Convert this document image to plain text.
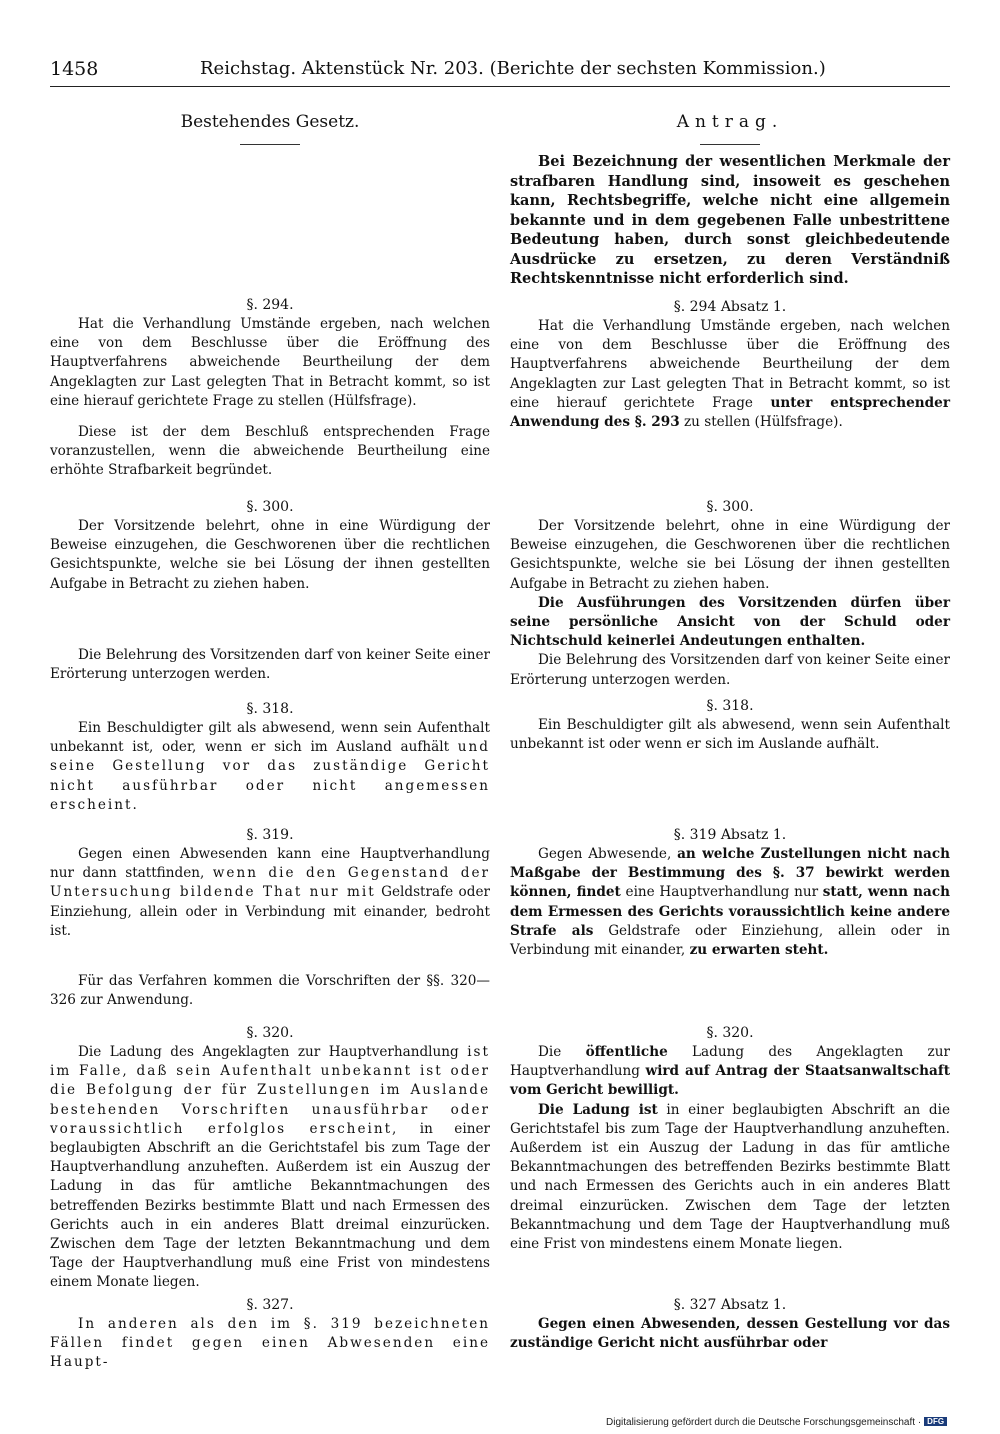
1458	Reichstag. Aktenstück Nr. 203. (Berichte der sechsten Kommission.)
Bestehendes Gesetz.
§. 294.
Hat die Verhandlung Umstände ergeben, nach welchen eine von dem Beschlusse über die Eröffnung des Hauptverfahrens abweichende Beurtheilung der dem Angeklagten zur Last gelegten That in Betracht kommt, so ist eine hierauf gerichtete Frage zu stellen (Hülfsfrage).
Diese ist der dem Beschluß entsprechenden Frage voranzustellen, wenn die abweichende Beurtheilung eine erhöhte Strafbarkeit begründet.
§. 300.
Der Vorsitzende belehrt, ohne in eine Würdigung der Beweise einzugehen, die Geschworenen über die rechtlichen Gesichtspunkte, welche sie bei Lösung der ihnen gestellten Aufgabe in Betracht zu ziehen haben.
Die Belehrung des Vorsitzenden darf von keiner Seite einer Erörterung unterzogen werden.
§. 318.
Ein Beschuldigter gilt als abwesend, wenn sein Aufenthalt unbekannt ist, oder, wenn er sich im Ausland aufhält und seine Gestellung vor das zuständige Gericht nicht ausführbar oder nicht angemessen erscheint.
§. 319.
Gegen einen Abwesenden kann eine Hauptverhandlung nur dann stattfinden, wenn die den Gegenstand der Untersuchung bildende That nur mit Geldstrafe oder Einziehung, allein oder in Verbindung mit einander, bedroht ist.
Für das Verfahren kommen die Vorschriften der §§. 320—326 zur Anwendung.
§. 320.
Die Ladung des Angeklagten zur Hauptverhandlung ist im Falle, daß sein Aufenthalt unbekannt ist oder die Befolgung der für Zustellungen im Auslande bestehenden Vorschriften unausführbar oder voraussichtlich erfolglos erscheint, in einer beglaubigten Abschrift an die Gerichtstafel bis zum Tage der Hauptverhandlung anzuheften. Außerdem ist ein Auszug der Ladung in das für amtliche Bekanntmachungen des betreffenden Bezirks bestimmte Blatt und nach Ermessen des Gerichts auch in ein anderes Blatt dreimal einzurücken. Zwischen dem Tage der letzten Bekanntmachung und dem Tage der Hauptverhandlung muß eine Frist von mindestens einem Monate liegen.
§. 327.
In anderen als den im §. 319 bezeichneten Fällen findet gegen einen Abwesenden eine Haupt-
Antrag.
Bei Bezeichnung der wesentlichen Merkmale der strafbaren Handlung sind, insoweit es geschehen kann, Rechtsbegriffe, welche nicht eine allgemein bekannte und in dem gegebenen Falle unbestrittene Bedeutung haben, durch sonst gleichbedeutende Ausdrücke zu ersetzen, zu deren Verständniß Rechtskenntnisse nicht erforderlich sind.
§. 294 Absatz 1.
Hat die Verhandlung Umstände ergeben, nach welchen eine von dem Beschlusse über die Eröffnung des Hauptverfahrens abweichende Beurtheilung der dem Angeklagten zur Last gelegten That in Betracht kommt, so ist eine hierauf gerichtete Frage unter entsprechender Anwendung des §. 293 zu stellen (Hülfsfrage).
§. 300.
Der Vorsitzende belehrt, ohne in eine Würdigung der Beweise einzugehen, die Geschworenen über die rechtlichen Gesichtspunkte, welche sie bei Lösung der ihnen gestellten Aufgabe in Betracht zu ziehen haben.
Die Ausführungen des Vorsitzenden dürfen über seine persönliche Ansicht von der Schuld oder Nichtschuld keinerlei Andeutungen enthalten.
Die Belehrung des Vorsitzenden darf von keiner Seite einer Erörterung unterzogen werden.
§. 318.
Ein Beschuldigter gilt als abwesend, wenn sein Aufenthalt unbekannt ist oder wenn er sich im Auslande aufhält.
§. 319 Absatz 1.
Gegen Abwesende, an welche Zustellungen nicht nach Maßgabe der Bestimmung des §. 37 bewirkt werden können, findet eine Hauptverhandlung nur statt, wenn nach dem Ermessen des Gerichts voraussichtlich keine andere Strafe als Geldstrafe oder Einziehung, allein oder in Verbindung mit einander, zu erwarten steht.
§. 320.
Die öffentliche Ladung des Angeklagten zur Hauptverhandlung wird auf Antrag der Staatsanwaltschaft vom Gericht bewilligt.
Die Ladung ist in einer beglaubigten Abschrift an die Gerichtstafel bis zum Tage der Hauptverhandlung anzuheften. Außerdem ist ein Auszug der Ladung in das für amtliche Bekanntmachungen des betreffenden Bezirks bestimmte Blatt und nach Ermessen des Gerichts auch in ein anderes Blatt dreimal einzurücken. Zwischen dem Tage der letzten Bekanntmachung und dem Tage der Hauptverhandlung muß eine Frist von mindestens einem Monate liegen.
§. 327 Absatz 1.
Gegen einen Abwesenden, dessen Gestellung vor das zuständige Gericht nicht ausführbar oder
Digitalisierung gefördert durch die Deutsche Forschungsgemeinschaft · DFG
